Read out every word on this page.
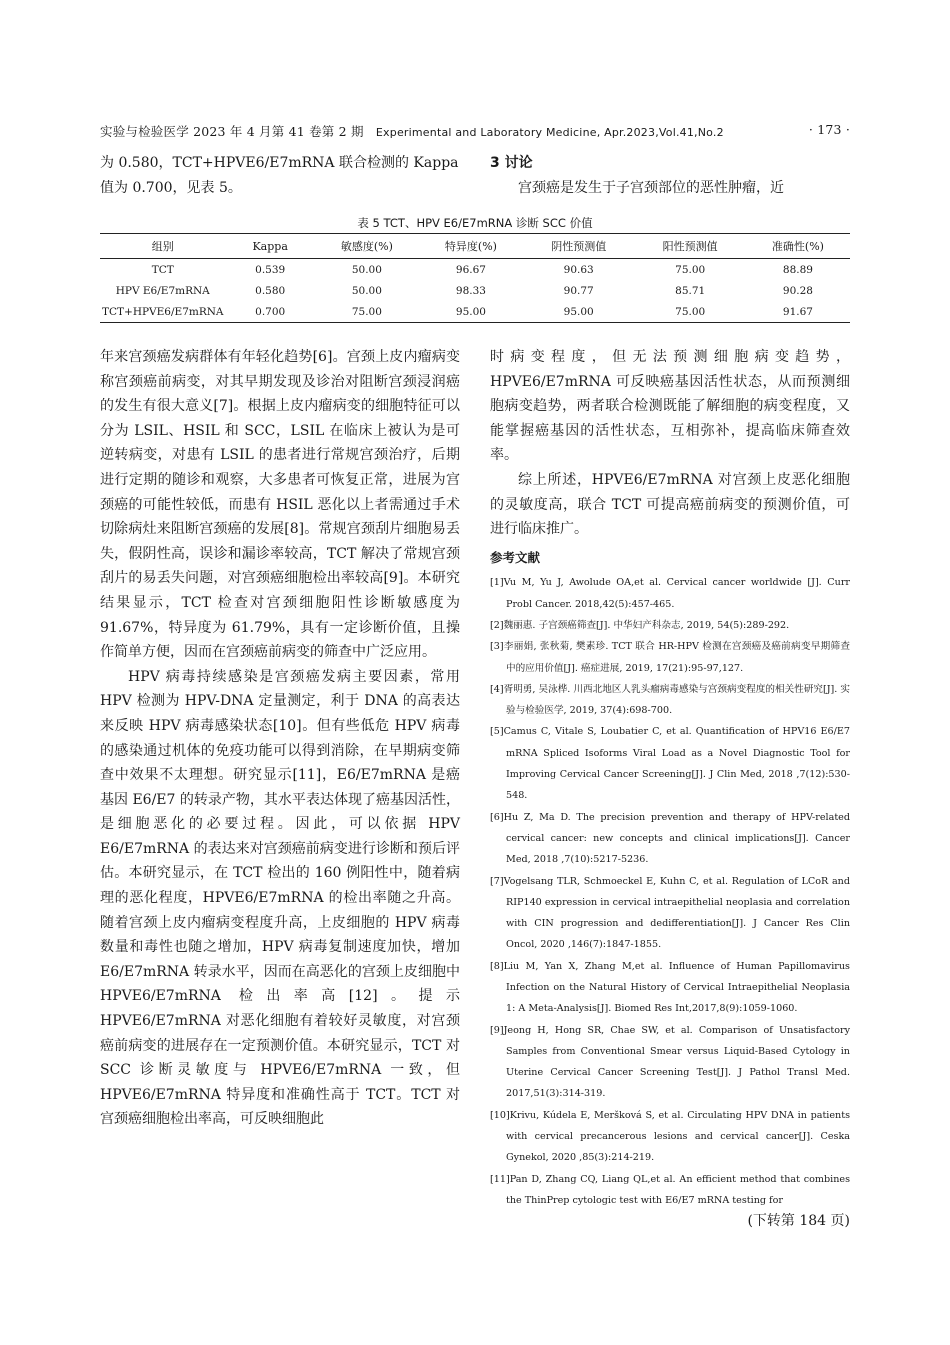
实验与检验医学 2023 年 4 月第 41 卷第 2 期 Experimental and Laboratory Medicine, Apr.2023,Vol.41,No.2	· 173 ·

为 0.580，TCT+HPVE6/E7mRNA 联合检测的 Kappa

值为 0.700，见表 5。

3 讨论

宫颈癌是发生于子宫颈部位的恶性肿瘤，近

表 5 TCT、HPV E6/E7mRNA 诊断 SCC 价值
组别	Kappa	敏感度(%)	特异度(%)	阴性预测值	阳性预测值	准确性(%)
TCT	0.539	50.00	96.67	90.63	75.00	88.89
HPV E6/E7mRNA	0.580	50.00	98.33	90.77	85.71	90.28
TCT+HPVE6/E7mRNA	0.700	75.00	95.00	95.00	75.00	91.67

年来宫颈癌发病群体有年轻化趋势[6]。宫颈上皮内瘤病变称宫颈癌前病变，对其早期发现及诊治对阻断宫颈浸润癌的发生有很大意义[7]。根据上皮内瘤病变的细胞特征可以分为 LSIL、HSIL 和 SCC，LSIL 在临床上被认为是可逆转病变，对患有 LSIL 的患者进行常规宫颈治疗，后期进行定期的随诊和观察，大多患者可恢复正常，进展为宫颈癌的可能性较低，而患有 HSIL 恶化以上者需通过手术切除病灶来阻断宫颈癌的发展[8]。常规宫颈刮片细胞易丢失，假阴性高，误诊和漏诊率较高，TCT 解决了常规宫颈刮片的易丢失问题，对宫颈癌细胞检出率较高[9]。本研究结果显示，TCT 检查对宫颈细胞阳性诊断敏感度为 91.67%，特异度为 61.79%，具有一定诊断价值，且操作简单方便，因而在宫颈癌前病变的筛查中广泛应用。

HPV 病毒持续感染是宫颈癌发病主要因素，常用 HPV 检测为 HPV-DNA 定量测定，利于 DNA 的高表达来反映 HPV 病毒感染状态[10]。但有些低危 HPV 病毒的感染通过机体的免疫功能可以得到消除，在早期病变筛查中效果不太理想。研究显示[11]，E6/E7mRNA 是癌基因 E6/E7 的转录产物，其水平表达体现了癌基因活性，是细胞恶化的必要过程。因此，可以依据 HPV E6/E7mRNA 的表达来对宫颈癌前病变进行诊断和预后评估。本研究显示，在 TCT 检出的 160 例阳性中，随着病理的恶化程度，HPVE6/E7mRNA 的检出率随之升高。随着宫颈上皮内瘤病变程度升高，上皮细胞的 HPV 病毒数量和毒性也随之增加，HPV 病毒复制速度加快，增加 E6/E7mRNA 转录水平，因而在高恶化的宫颈上皮细胞中 HPVE6/E7mRNA 检出率高[12]。提示 HPVE6/E7mRNA 对恶化细胞有着较好灵敏度，对宫颈癌前病变的进展存在一定预测价值。本研究显示，TCT 对 SCC 诊断灵敏度与 HPVE6/E7mRNA 一致，但 HPVE6/E7mRNA 特异度和准确性高于 TCT。TCT 对宫颈癌细胞检出率高，可反映细胞此

时病变程度，但无法预测细胞病变趋势，HPVE6/E7mRNA 可反映癌基因活性状态，从而预测细胞病变趋势，两者联合检测既能了解细胞的病变程度，又能掌握癌基因的活性状态，互相弥补，提高临床筛查效率。

综上所述，HPVE6/E7mRNA 对宫颈上皮恶化细胞的灵敏度高，联合 TCT 可提高癌前病变的预测价值，可进行临床推广。

参考文献

[1]Vu M, Yu J, Awolude OA,et al. Cervical cancer worldwide [J]. Curr Probl Cancer. 2018,42(5):457-465.

[2]魏丽惠. 子宫颈癌筛查[J]. 中华妇产科杂志, 2019, 54(5):289-292.

[3]李丽娟, 张秋菊, 樊素珍. TCT 联合 HR-HPV 检测在宫颈癌及癌前病变早期筛查中的应用价值[J]. 癌症进展, 2019, 17(21):95-97,127.

[4]胥明勇, 吴泳桦. 川西北地区人乳头瘤病毒感染与宫颈病变程度的相关性研究[J]. 实验与检验医学, 2019, 37(4):698-700.

[5]Camus C, Vitale S, Loubatier C, et al. Quantification of HPV16 E6/E7 mRNA Spliced Isoforms Viral Load as a Novel Diagnostic Tool for Improving Cervical Cancer Screening[J]. J Clin Med, 2018 ,7(12):530-548.

[6]Hu Z, Ma D. The precision prevention and therapy of HPV-related cervical cancer: new concepts and clinical implications[J]. Cancer Med, 2018 ,7(10):5217-5236.

[7]Vogelsang TLR, Schmoeckel E, Kuhn C, et al. Regulation of LCoR and RIP140 expression in cervical intraepithelial neoplasia and correlation with CIN progression and dedifferentiation[J]. J Cancer Res Clin Oncol, 2020 ,146(7):1847-1855.

[8]Liu M, Yan X, Zhang M,et al. Influence of Human Papillomavirus Infection on the Natural History of Cervical Intraepithelial Neoplasia 1: A Meta-Analysis[J]. Biomed Res Int,2017,8(9):1059-1060.

[9]Jeong H, Hong SR, Chae SW, et al. Comparison of Unsatisfactory Samples from Conventional Smear versus Liquid-Based Cytology in Uterine Cervical Cancer Screening Test[J]. J Pathol Transl Med. 2017,51(3):314-319.

[10]Krivu, Kúdela E, Meršková S, et al. Circulating HPV DNA in patients with cervical precancerous lesions and cervical cancer[J]. Ceska Gynekol, 2020 ,85(3):214-219.

[11]Pan D, Zhang CQ, Liang QL,et al. An efficient method that combines the ThinPrep cytologic test with E6/E7 mRNA testing for

(下转第 184 页)
